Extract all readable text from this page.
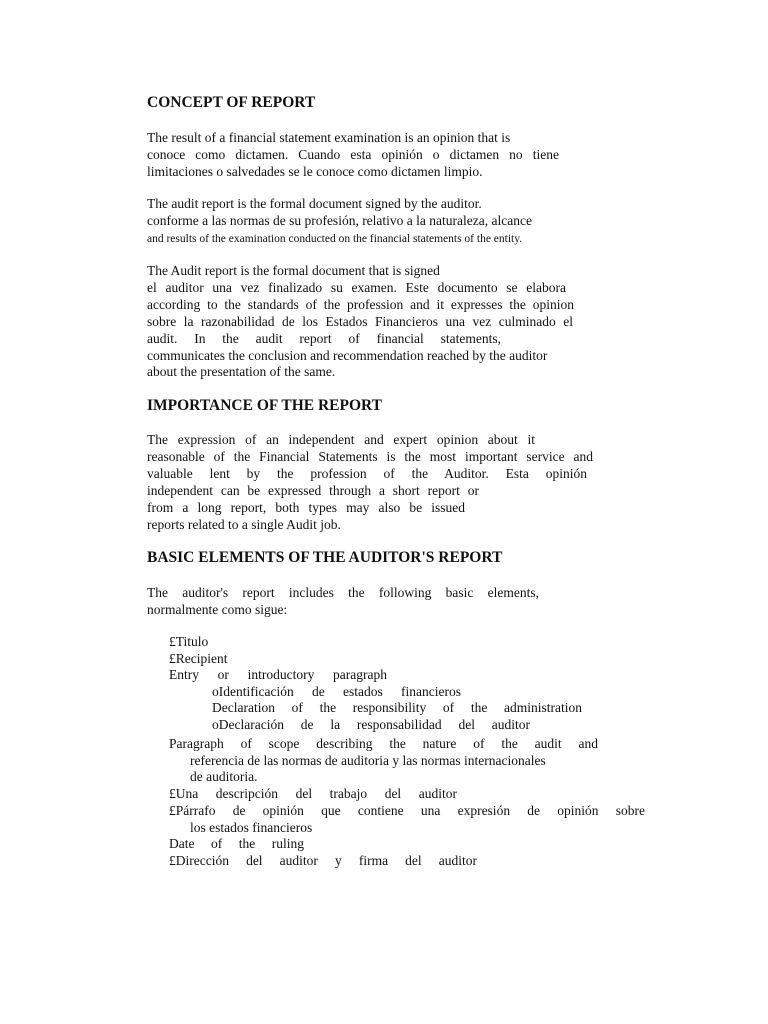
CONCEPT OF REPORT
The result of a financial statement examination is an opinion that is
conoce como dictamen. Cuando esta opinión o dictamen no tiene
limitaciones o salvedades se le conoce como dictamen limpio.
The audit report is the formal document signed by the auditor.
conforme a las normas de su profesión, relativo a la naturaleza, alcance
and results of the examination conducted on the financial statements of the entity.
The Audit report is the formal document that is signed
el auditor una vez finalizado su examen. Este documento se elabora
according to the standards of the profession and it expresses the opinion
sobre la razonabilidad de los Estados Financieros una vez culminado el
audit. In the audit report of financial statements,
communicates the conclusion and recommendation reached by the auditor
about the presentation of the same.
IMPORTANCE OF THE REPORT
The expression of an independent and expert opinion about it
reasonable of the Financial Statements is the most important service and
valuable lent by the profession of the Auditor. Esta opinión
independent can be expressed through a short report or
from a long report, both types may also be issued
reports related to a single Audit job.
BASIC ELEMENTS OF THE AUDITOR'S REPORT
The auditor's report includes the following basic elements,
normalmente como sigue:
£Titulo
£Recipient
Entry or introductory paragraph
oIdentificación de estados financieros
Declaration of the responsibility of the administration
oDeclaración de la responsabilidad del auditor
Paragraph of scope describing the nature of the audit and
referencia de las normas de auditoria y las normas internacionales
de auditoria.
£Una descripción del trabajo del auditor
£Párrafo de opinión que contiene una expresión de opinión sobre
los estados financieros
Date of the ruling
£Dirección del auditor y firma del auditor
